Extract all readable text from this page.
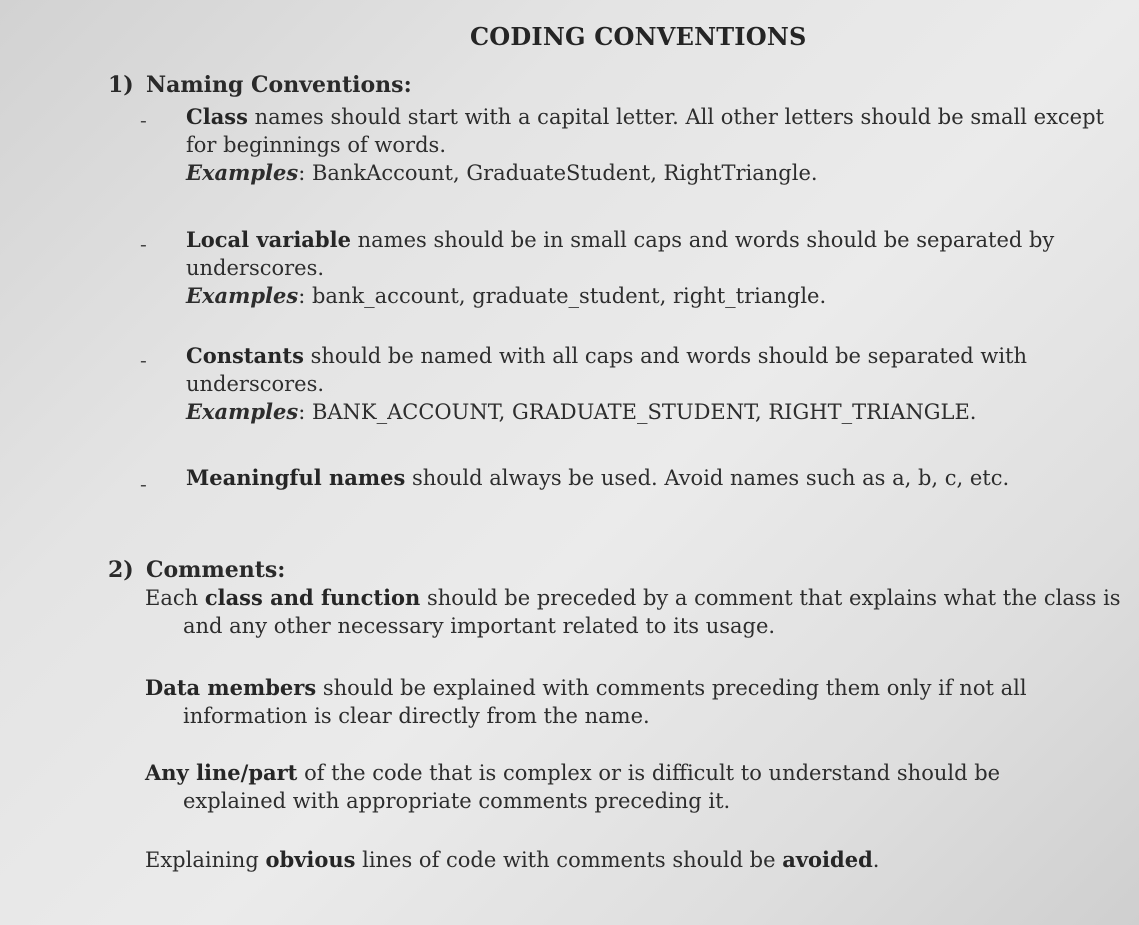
CODING CONVENTIONS
1) Naming Conventions:
- Class names should start with a capital letter. All other letters should be small except for beginnings of words.
Examples: BankAccount, GraduateStudent, RightTriangle.
- Local variable names should be in small caps and words should be separated by underscores.
Examples: bank_account, graduate_student, right_triangle.
- Constants should be named with all caps and words should be separated with underscores.
Examples: BANK_ACCOUNT, GRADUATE_STUDENT, RIGHT_TRIANGLE.
- Meaningful names should always be used. Avoid names such as a, b, c, etc.
2) Comments:
Each class and function should be preceded by a comment that explains what the class is
and any other necessary important related to its usage.
Data members should be explained with comments preceding them only if not all
information is clear directly from the name.
Any line/part of the code that is complex or is difficult to understand should be
explained with appropriate comments preceding it.
Explaining obvious lines of code with comments should be avoided.
